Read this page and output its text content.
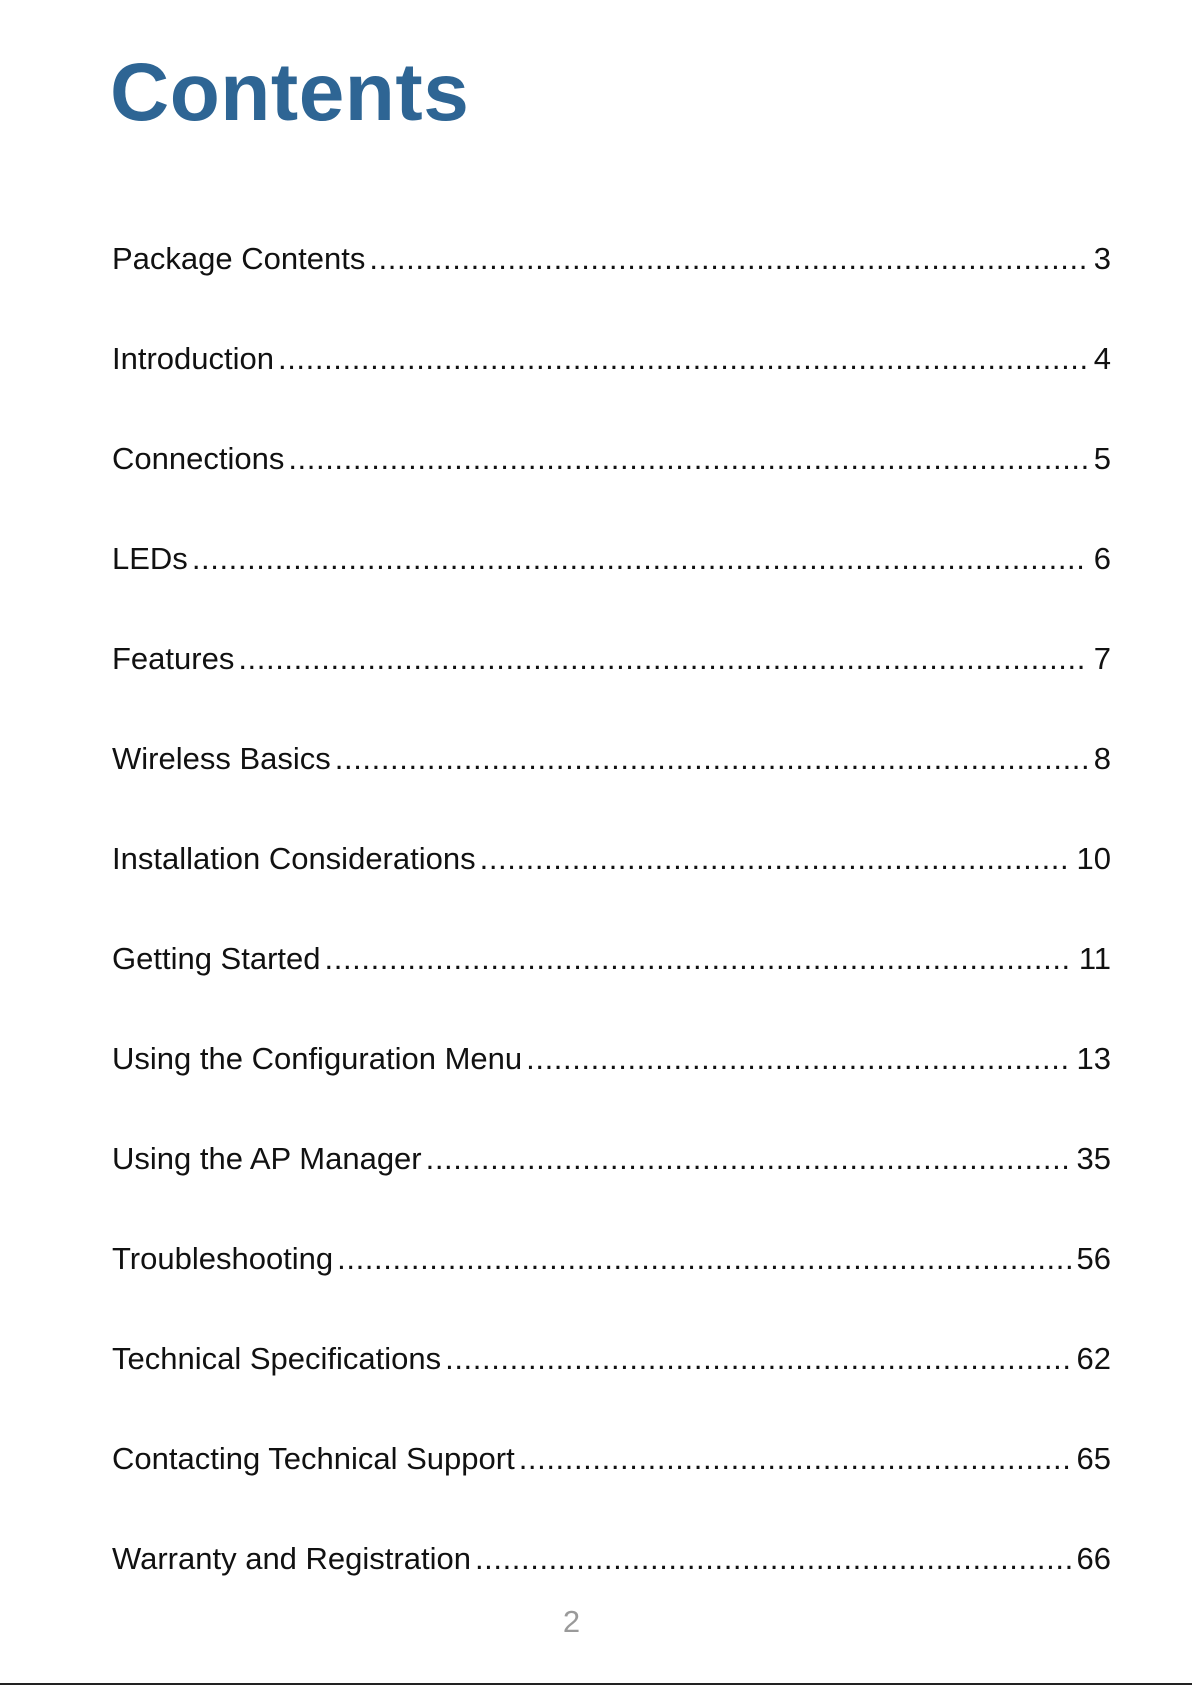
Contents
Package Contents .....	3
Introduction .....	4
Connections .....	5
LEDs .....	6
Features .....	7
Wireless Basics .....	8
Installation Considerations .....	10
Getting Started .....	11
Using the Configuration Menu .....	13
Using the AP Manager .....	35
Troubleshooting .....	56
Technical Specifications .....	62
Contacting Technical Support .....	65
Warranty and Registration .....	66
2
